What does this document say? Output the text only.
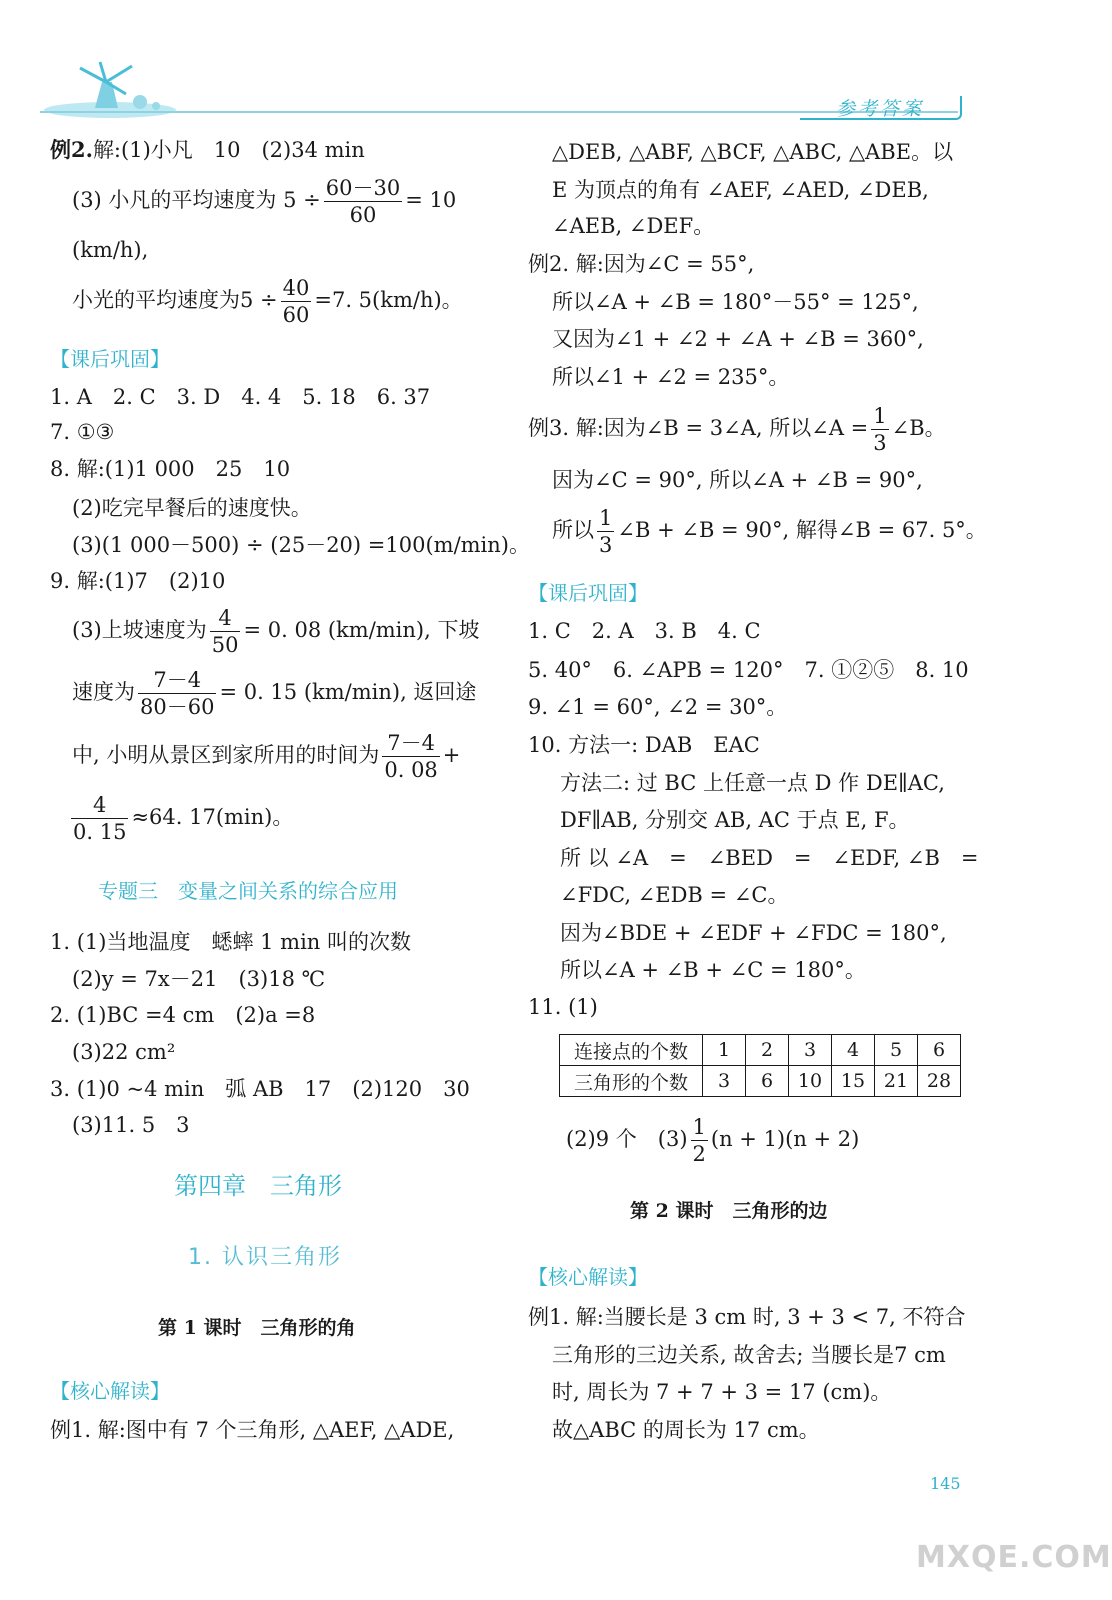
参考答案
例2.解:(1)小凡　10　(2)34 min
(3) 小凡的平均速度为 $5 \div \frac{60-30}{60} = 10$
(km/h),
小光的平均速度为$5 \div \frac{40}{60} =7$. 5(km/h)。
【课后巩固】
1. A　2. C　3. D　4. 4　5. 18　6. 37
7. ①③
8. 解:(1)1 000　25　10
(2)吃完早餐后的速度快。
(3)(1 000－500) ÷ (25－20) =100(m/min)。
9. 解:(1)7　(2)10
(3)上坡速度为 $\frac{4}{50} = 0$. 08 (km/min), 下坡
速度为 $\frac{7-4}{80-60} = 0$. 15 (km/min), 返回途
中, 小明从景区到家所用的时间为 $\frac{7-4}{0. 08}$ +
$\frac{4}{0. 15} \approx 64$. 17(min)。
专题三　变量之间关系的综合应用
1. (1)当地温度　蟋蟀 1 min 叫的次数
(2)y = 7x－21　(3)18 ℃
2. (1)BC =4 cm　(2)a =8
(3)22 cm²
3. (1)0 ~4 min　弧 AB　17　(2)120　30
(3)11. 5　3
第四章　三角形
1. 认识三角形
第 1 课时　三角形的角
【核心解读】
例1. 解:图中有 7 个三角形, △AEF, △ADE,
△DEB, △ABF, △BCF, △ABC, △ABE。以
E 为顶点的角有 ∠AEF, ∠AED, ∠DEB,
∠AEB, ∠DEF。
例2. 解:因为∠C = 55°,
所以∠A + ∠B = 180°－55° = 125°,
又因为∠1 + ∠2 + ∠A + ∠B = 360°,
所以∠1 + ∠2 = 235°。
例3. 解:因为∠B = 3∠A, 所以∠A = $\frac{1}{3}$ ∠B。
因为∠C = 90°, 所以∠A + ∠B = 90°,
所以 $\frac{1}{3}$ ∠B + ∠B = 90°, 解得∠B = 67. 5°。
【课后巩固】
1. C　2. A　3. B　4. C
5. 40°　6. ∠APB = 120°　7. ①②⑤　8. 10
9. ∠1 = 60°, ∠2 = 30°。
10. 方法一: DAB　EAC
方法二: 过 BC 上任意一点 D 作 DE∥AC,
DF∥AB, 分别交 AB, AC 于点 E, F。
所 以 ∠A　=　∠BED　=　∠EDF, ∠B　=
∠FDC, ∠EDB = ∠C。
因为∠BDE + ∠EDF + ∠FDC = 180°,
所以∠A + ∠B + ∠C = 180°。
11. (1)
连接点的个数	1	2	3	4	5	6
三角形的个数	3	6	10	15	21	28
(2)9 个　$(3) \frac{1}{2} (n + 1)(n + 2)$
第 2 课时　三角形的边
【核心解读】
例1. 解:当腰长是 3 cm 时, 3 + 3 < 7, 不符合
三角形的三边关系, 故舍去; 当腰长是7 cm
时, 周长为 7 + 7 + 3 = 17 (cm)。
故△ABC 的周长为 17 cm。
145
MXQE.COM
